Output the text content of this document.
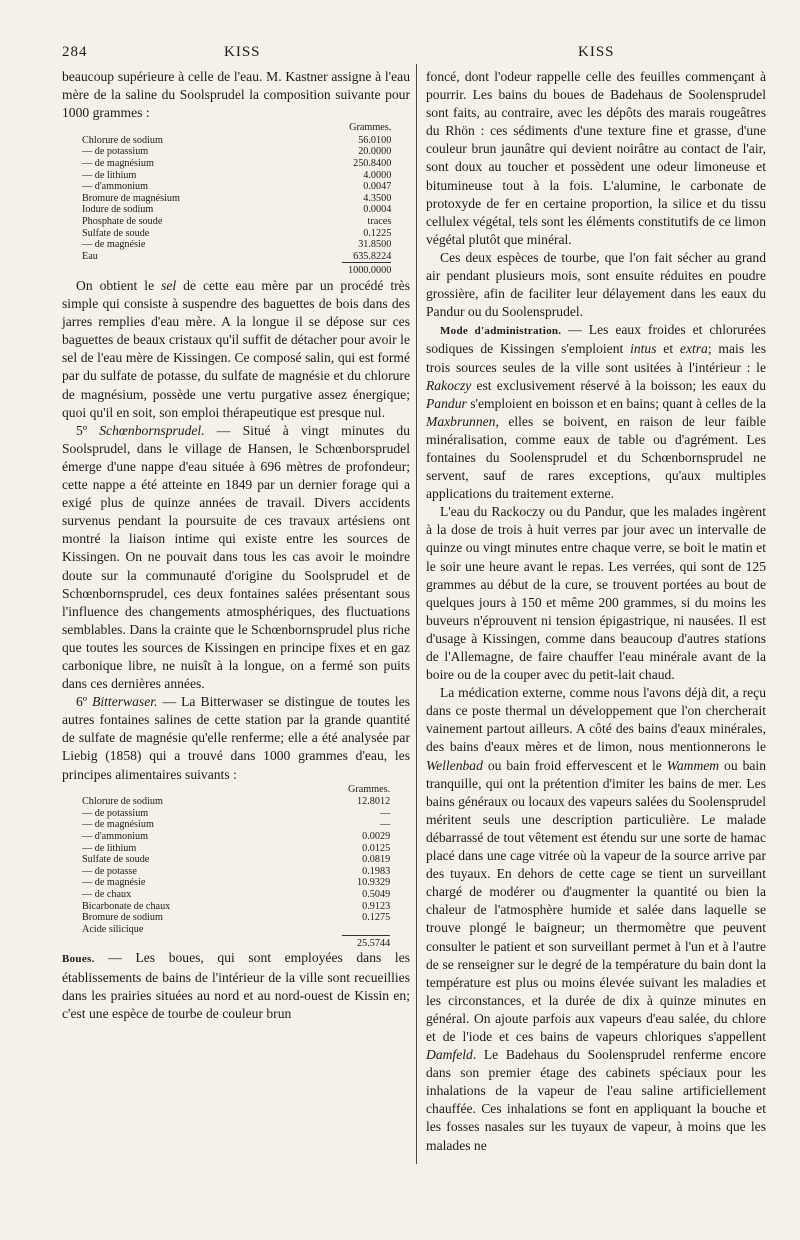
284	KISS	KISS

beaucoup supérieure à celle de l'eau. M. Kastner assigne à l'eau mère de la saline du Soolsprudel la composition suivante pour 1000 grammes :

	Grammes.
Chlorure de sodium	56.0100
— de potassium	20.0000
— de magnésium	250.8400
— de lithium	4.0000
— d'ammonium	0.0047
Bromure de magnésium	4.3500
Iodure de sodium	0.0004
Phosphate de soude	traces
Sulfate de soude	0.1225
— de magnésie	31.8500
Eau	635.8224
	1000.0000

On obtient le sel de cette eau mère par un procédé très simple qui consiste à suspendre des baguettes de bois dans des jarres remplies d'eau mère. A la longue il se dépose sur ces baguettes de beaux cristaux qu'il suffit de détacher pour avoir le sel de l'eau mère de Kissingen. Ce composé salin, qui est formé par du sulfate de potasse, du sulfate de magnésie et du chlorure de magnésium, possède une vertu purgative assez énergique; quoi qu'il en soit, son emploi thérapeutique est presque nul.

5º Schœnbornsprudel. — Situé à vingt minutes du Soolsprudel, dans le village de Hansen, le Schœnborsprudel émerge d'une nappe d'eau située à 696 mètres de profondeur; cette nappe a été atteinte en 1849 par un dernier forage qui a exigé plus de quinze années de travail. Divers accidents survenus pendant la poursuite de ces travaux artésiens ont montré la liaison intime qui existe entre les sources de Kissingen. On ne pouvait dans tous les cas avoir le moindre doute sur la communauté d'origine du Soolsprudel et de Schœnbornsprudel, ces deux fontaines salées présentant sous l'influence des changements atmosphériques, des fluctuations semblables. Dans la crainte que le Schœnbornsprudel plus riche que toutes les sources de Kissingen en principe fixes et en gaz carbonique libre, ne nuisît à la longue, on a fermé son puits dans ces dernières années.

6º Bitterwaser. — La Bitterwaser se distingue de toutes les autres fontaines salines de cette station par la grande quantité de sulfate de magnésie qu'elle renferme; elle a été analysée par Liebig (1858) qui a trouvé dans 1000 grammes d'eau, les principes alimentaires suivants :

	Grammes.
Chlorure de sodium	12.8012
— de potassium	—
— de magnésium	—
— d'ammonium	0.0029
— de lithium	0.0125
Sulfate de soude	0.0819
— de potasse	0.1983
— de magnésie	10.9329
— de chaux	0.5049
Bicarbonate de chaux	0.9123
Bromure de sodium	0.1275
Acide silicique	
	25.5744

Boues. — Les boues, qui sont employées dans les établissements de bains de l'intérieur de la ville sont recueillies dans les prairies situées au nord et au nord-ouest de Kissin en; c'est une espèce de tourbe de couleur brun

foncé, dont l'odeur rappelle celle des feuilles commençant à pourrir. Les bains du boues de Badehaus de Soolensprudel sont faits, au contraire, avec les dépôts des marais rougeâtres du Rhön : ces sédiments d'une texture fine et grasse, d'une couleur brun jaunâtre qui devient noirâtre au contact de l'air, sont doux au toucher et possèdent une odeur limoneuse et bitumineuse tout à la fois. L'alumine, le carbonate de protoxyde de fer en certaine proportion, la silice et du tissu cellulex végétal, tels sont les éléments constitutifs de ce limon végétal plutôt que minéral.

Ces deux espèces de tourbe, que l'on fait sécher au grand air pendant plusieurs mois, sont ensuite réduites en poudre grossière, afin de faciliter leur délayement dans les eaux du Pandur ou du Soolensprudel.

Mode d'administration. — Les eaux froides et chlorurées sodiques de Kissingen s'emploient intus et extra; mais les trois sources seules de la ville sont usitées à l'intérieur : le Rakoczy est exclusivement réservé à la boisson; les eaux du Pandur s'emploient en boisson et en bains; quant à celles de la Maxbrunnen, elles se boivent, en raison de leur faible minéralisation, comme eaux de table ou d'agrément. Les fontaines du Soolensprudel et du Schœnbornsprudel ne servent, sauf de rares exceptions, qu'aux multiples applications du traitement externe.

L'eau du Rackoczy ou du Pandur, que les malades ingèrent à la dose de trois à huit verres par jour avec un intervalle de quinze ou vingt minutes entre chaque verre, se boit le matin et le soir une heure avant le repas. Les verrées, qui sont de 125 grammes au début de la cure, se trouvent portées au bout de quelques jours à 150 et même 200 grammes, si du moins les buveurs n'éprouvent ni tension épigastrique, ni nausées. Il est d'usage à Kissingen, comme dans beaucoup d'autres stations de l'Allemagne, de faire chauffer l'eau minérale avant de la boire ou de la couper avec du petit-lait chaud.

La médication externe, comme nous l'avons déjà dit, a reçu dans ce poste thermal un développement que l'on chercherait vainement partout ailleurs. A côté des bains d'eaux minérales, des bains d'eaux mères et de limon, nous mentionnerons le Wellenbad ou bain froid effervescent et le Wammem ou bain tranquille, qui ont la prétention d'imiter les bains de mer. Les bains généraux ou locaux des vapeurs salées du Soolensprudel méritent seuls une description particulière. Le malade débarrassé de tout vêtement est étendu sur une sorte de hamac placé dans une cage vitrée où la vapeur de la source arrive par des tuyaux. En dehors de cette cage se tient un surveillant chargé de modérer ou d'augmenter la quantité ou bien la chaleur de l'atmosphère humide et salée dans laquelle se trouve plongé le baigneur; un thermomètre que peuvent consulter le patient et son surveillant permet à l'un et à l'autre de se renseigner sur le degré de la température du bain dont la température est plus ou moins élevée suivant les maladies et les circonstances, et la durée de dix à quinze minutes en général. On ajoute parfois aux vapeurs d'eau salée, du chlore et de l'iode et ces bains de vapeurs chloriques s'appellent Damfeld. Le Badehaus du Soolensprudel renferme encore dans son premier étage des cabinets spéciaux pour les inhalations de la vapeur de l'eau saline artificiellement chauffée. Ces inhalations se font en appliquant la bouche et les fosses nasales sur les tuyaux de vapeur, à moins que les malades ne
